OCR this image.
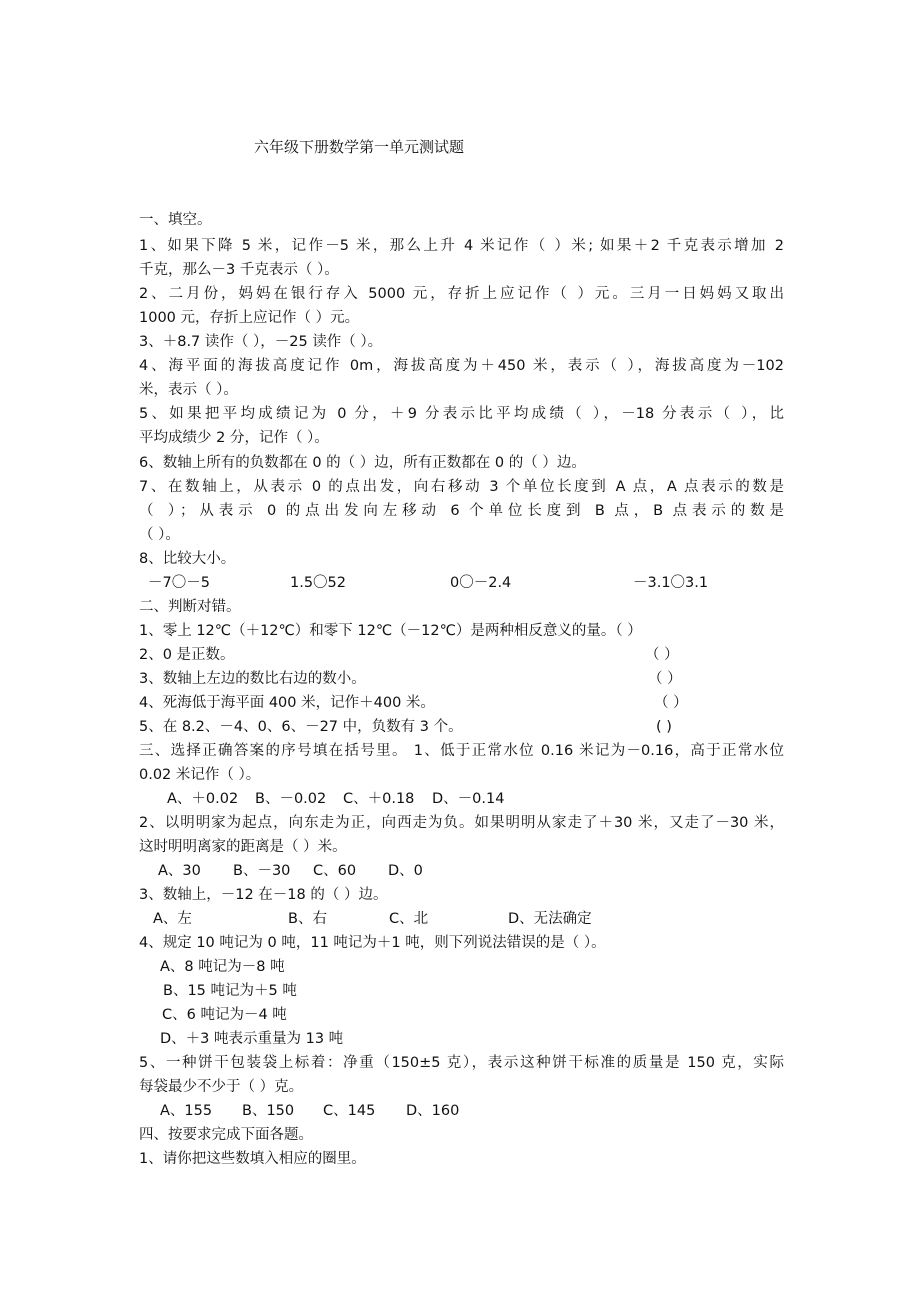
六年级下册数学第一单元测试题
一、填空。
1、如果下降 5 米，记作－5 米，那么上升 4 米记作（ ）米; 如果＋2 千克表示增加 2
千克，那么－3 千克表示（ ）。
2、二月份，妈妈在银行存入 5000 元，存折上应记作（ ）元。三月一日妈妈又取出
1000 元，存折上应记作（ ）元。
3、＋8.7 读作（ ），－25 读作（ ）。
4、海平面的海拔高度记作 0m，海拔高度为＋450 米，表示（ ），海拔高度为－102
米，表示（ ）。
5、如果把平均成绩记为 0 分，＋9 分表示比平均成绩（ ），－18 分表示（ ），比
平均成绩少 2 分，记作（ ）。
6、数轴上所有的负数都在 0 的（ ）边，所有正数都在 0 的（ ）边。
7、在数轴上，从表示 0 的点出发，向右移动 3 个单位长度到 A 点，A 点表示的数是
（ ）；从表示 0 的点出发向左移动 6 个单位长度到 B 点，B 点表示的数是
（ ）。
8、比较大小。
二、判断对错。
1、零上 12℃（＋12℃）和零下 12℃（－12℃）是两种相反意义的量。（ ）
2、0 是正数。
3、数轴上左边的数比右边的数小。
4、死海低于海平面 400 米，记作＋400 米。
5、在 8.2、－4、0、6、－27 中，负数有 3 个。
三、选择正确答案的序号填在括号里。 1、低于正常水位 0.16 米记为－0.16，高于正常水位
0.02 米记作（ ）。
2、以明明家为起点，向东走为正，向西走为负。如果明明从家走了＋30 米，又走了－30 米，
这时明明离家的距离是（ ）米。
3、数轴上，－12 在－18 的（ ）边。
4、规定 10 吨记为 0 吨，11 吨记为＋1 吨，则下列说法错误的是（ ）。
5、一种饼干包装袋上标着：净重（150±5 克），表示这种饼干标准的质量是 150 克，实际
每袋最少不少于（ ）克。
四、按要求完成下面各题。
1、请你把这些数填入相应的圈里。
－7〇－5	1.5〇52	0〇－2.4	－3.1〇3.1
（ ）
（ ）
（ ）
( )
A、＋0.02 B、－0.02 C、＋0.18 D、－0.14
A、30 B、－30 C、60 D、0
A、左	B、右	C、北	D、无法确定
A、8 吨记为－8 吨
B、15 吨记为＋5 吨
C、6 吨记为－4 吨
D、＋3 吨表示重量为 13 吨
A、155 B、150 C、145 D、160
